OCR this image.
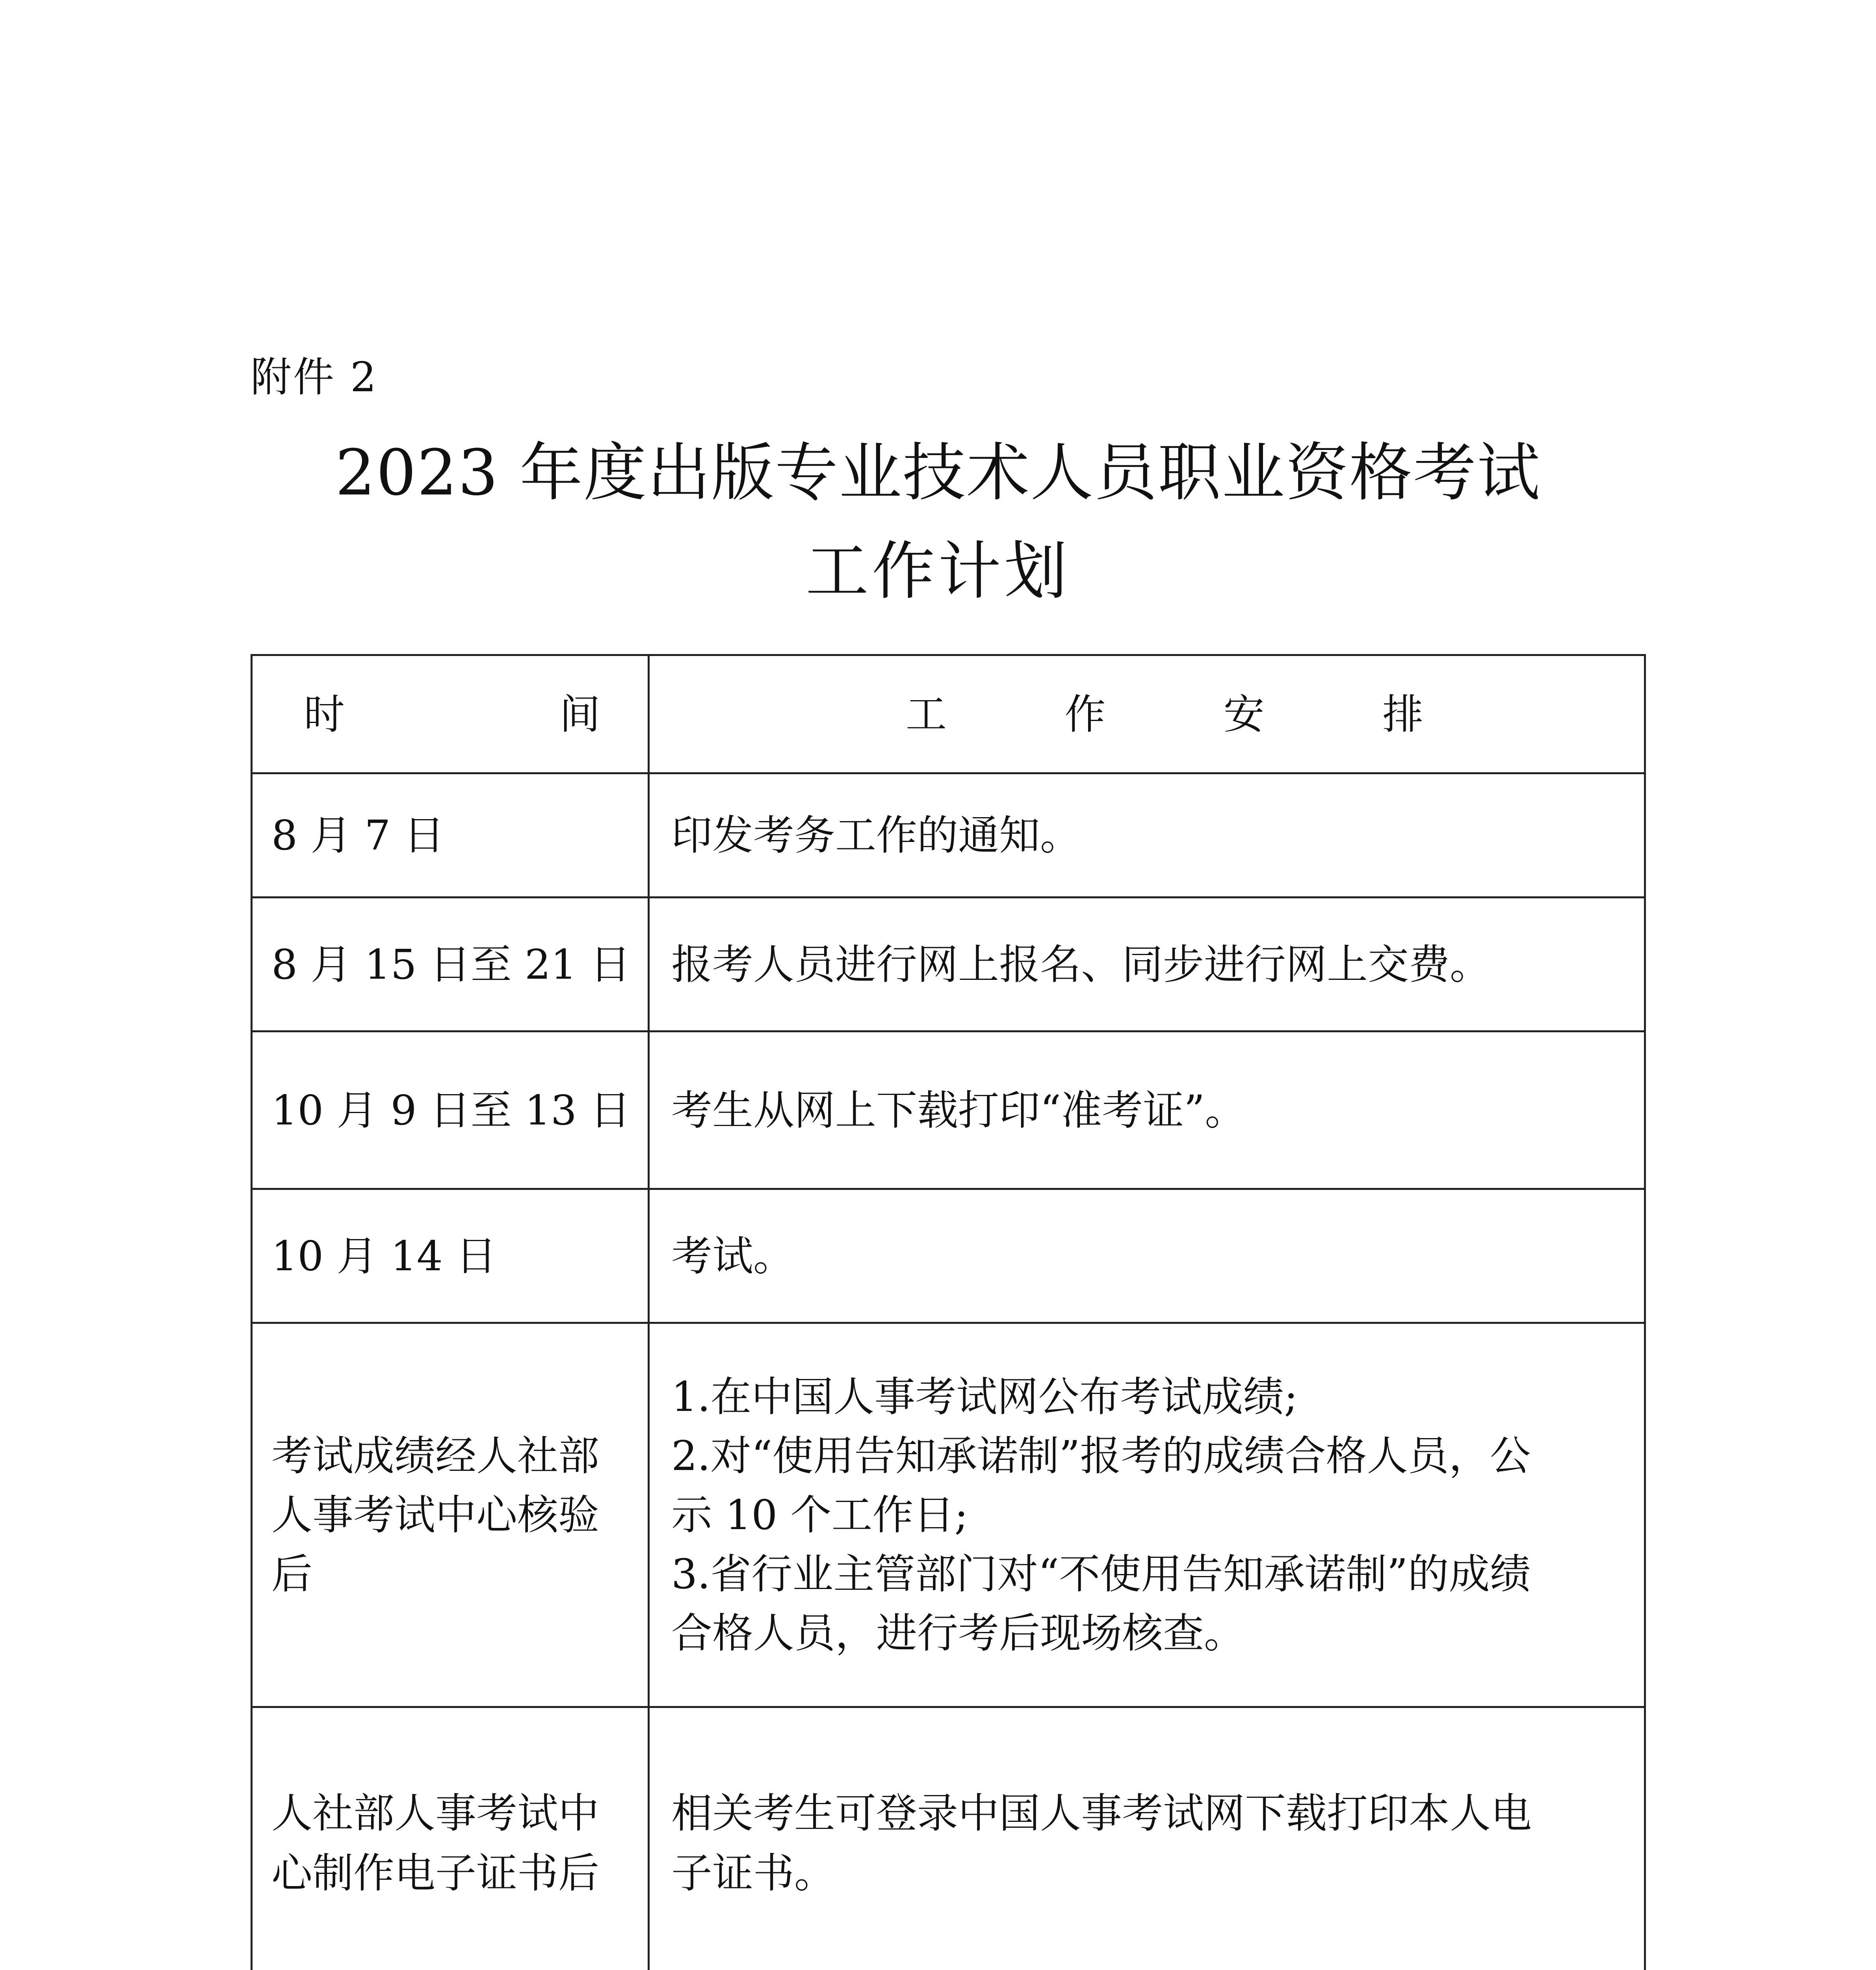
附件 2
2023 年度出版专业技术人员职业资格考试
工作计划
时 间	工 作 安 排

8 月 7 日	印发考务工作的通知。

8 月 15 日至 21 日	报考人员进行网上报名、同步进行网上交费。

10 月 9 日至 13 日	考生从网上下载打印“准考证”。

10 月 14 日	考试。

考试成绩经人社部
人事考试中心核验
后	1.在中国人事考试网公布考试成绩;
2.对“使用告知承诺制”报考的成绩合格人员，公
示 10 个工作日;
3.省行业主管部门对“不使用告知承诺制”的成绩
合格人员，进行考后现场核查。

人社部人事考试中
心制作电子证书后	相关考生可登录中国人事考试网下载打印本人电
子证书。
